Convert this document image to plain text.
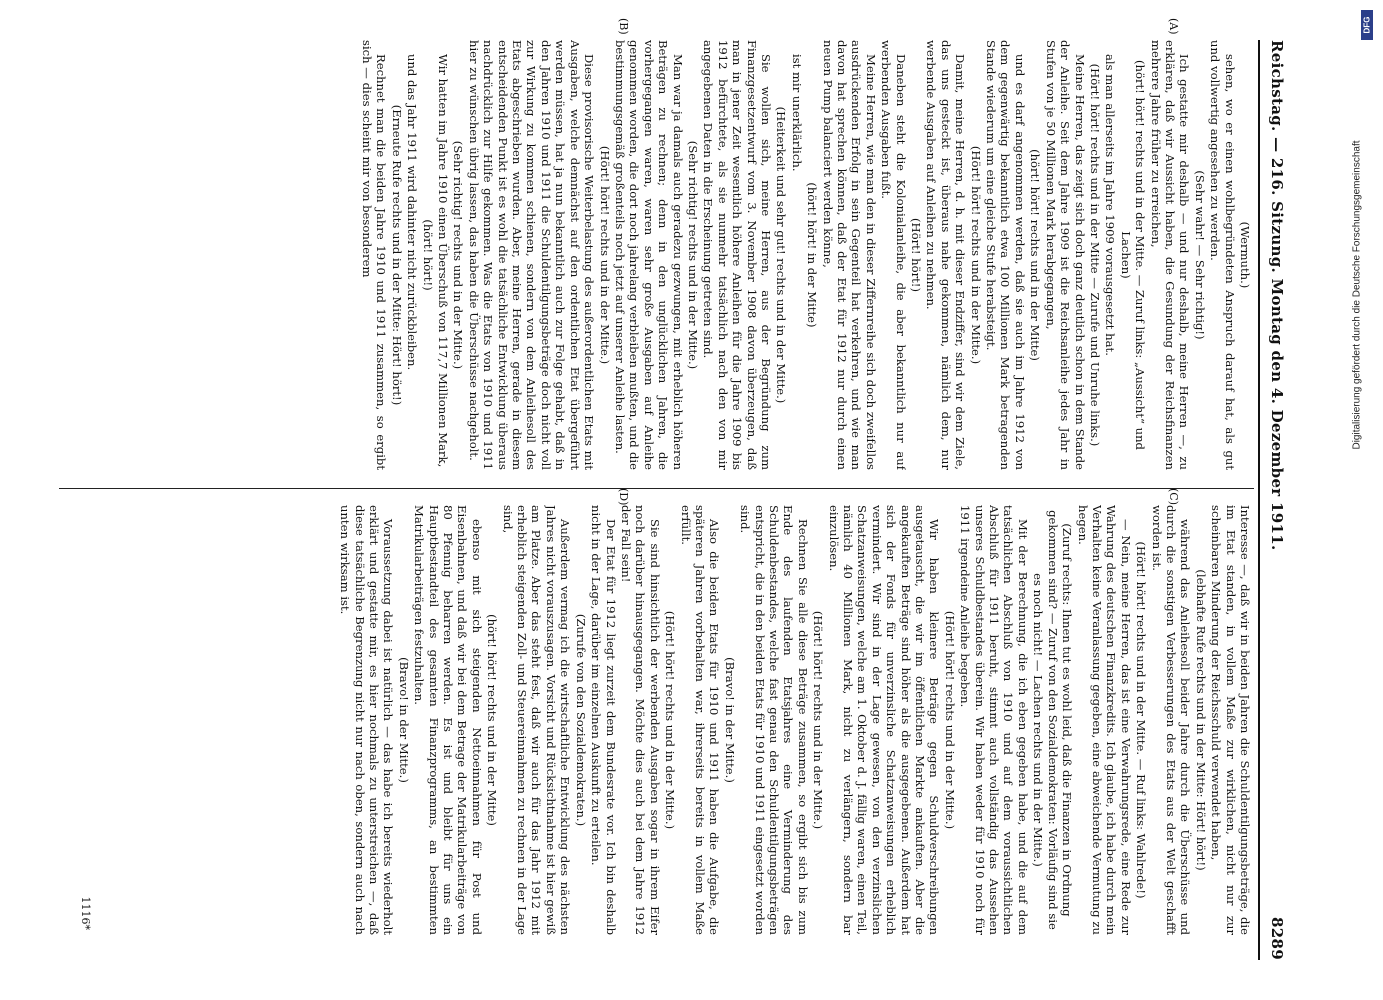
Digitalisierung gefördert durch die Deutsche Forschungsgemeinschaft
DFG
Reichstag. — 216. Sitzung. Montag den 4. Dezember 1911.
8289

(Wermuth.)

sehen, wo er einen wohlbegründeten Anspruch darauf hat, als gut und vollwertig angesehen zu werden.

(Sehr wahr! — Sehr richtig!)

Ich gestatte mir deshalb — und nur deshalb, meine Herren —, zu erklären, daß wir Aussicht haben, die Gesundung der Reichsfinanzen mehrere Jahre früher zu erreichen,

(hört! hört! rechts und in der Mitte. — Zuruf links: „Aussicht“ und Lachen)

als man allerseits im Jahre 1909 vorausgesetzt hat.

(Hört! hört! rechts und in der Mitte — Zurufe und Unruhe links.)

Meine Herren, das zeigt sich doch ganz deutlich schon in dem Stande der Anleihe. Seit dem Jahre 1909 ist die Reichsanleihe jedes Jahr in Stufen von je 50 Millionen Mark herabgegangen,

(hört! hört! rechts und in der Mitte)

und es darf angenommen werden, daß sie auch im Jahre 1912 von dem gegenwärtig bekanntlich etwa 100 Millionen Mark betragenden Stande wiederum um eine gleiche Stufe herabsteigt.

(Hört! hört! rechts und in der Mitte.)

Damit, meine Herren, d. h. mit dieser Endziffer, sind wir dem Ziele, das uns gesteckt ist, überaus nahe gekommen, nämlich dem, nur werbende Ausgaben auf Anleihen zu nehmen.

(Hört! hört!)

Daneben steht die Kolonialanleihe, die aber bekanntlich nur auf werbenden Ausgaben fußt.

Meine Herren, wie man den in dieser Ziffernreihe sich doch zweifellos ausdrückenden Erfolg in sein Gegenteil hat verkehren, und wie man davon hat sprechen können, daß der Etat für 1912 nur durch einen neuen Pump balanciert werden könne,

(hört! hört! in der Mitte)

ist mir unerklärlich.

(Heiterkeit und sehr gut! rechts und in der Mitte.)

Sie wollen sich, meine Herren, aus der Begründung zum Finanzgesetzentwurf vom 3. November 1908 davon überzeugen, daß man in jener Zeit wesentlich höhere Anleihen für die Jahre 1909 bis 1912 befürchtete, als sie nunmehr tatsächlich nach den von mir angegebenen Daten in die Erscheinung getreten sind.

(Sehr richtig! rechts und in der Mitte.)

Man war ja damals auch geradezu gezwungen, mit erheblich höheren Beträgen zu rechnen; denn in den unglücklichen Jahren, die vorhergegangen waren, waren sehr große Ausgaben auf Anleihe genommen worden, die dort noch jahrelang verbleiben mußten, und die bestimmungsgemäß großenteils noch jetzt auf unserer Anleihe lasten.

(Hört! hört! rechts und in der Mitte.)

Diese provisorische Weiterbelastung des außerordentlichen Etats mit Ausgaben, welche demnächst auf den ordentlichen Etat übergeführt werden müssen, hat ja nun bekanntlich auch zur Folge gehabt, daß in den Jahren 1910 und 1911 die Schuldentilgungsbeträge doch nicht voll zur Wirkung zu kommen schienen, sondern von dem Anleihesoll des Etats abgeschrieben wurden. Aber, meine Herren, gerade in diesem entscheidenden Punkt ist es wohl die tatsächliche Entwicklung überaus nachdrücklich zur Hilfe gekommen. Was die Etats von 1910 und 1911 hier zu wünschen übrig lassen, das haben die Überschüsse nachgeholt.

(Sehr richtig! rechts und in der Mitte.)

Wir hatten im Jahre 1910 einen Überschuß von 117,7 Millionen Mark,

(hört! hört!)

und das Jahr 1911 wird dahinter nicht zurückbleiben.

(Erneute Rufe rechts und in der Mitte: Hört! hört!)

Rechnet man die beiden Jahre 1910 und 1911 zusammen, so ergibt sich — dies scheint mir von besonderem

Interesse —, daß wir in beiden Jahren die Schuldentilgungsbeträge, die im Etat standen, in vollem Maße zur wirklichen, nicht nur zur scheinbaren Minderung der Reichsschuld verwendet haben,

(lebhafte Rufe rechts und in der Mitte: Hört! hört!)

während das Anleihesoll beider Jahre durch die Überschüsse und durch die sonstigen Verbesserungen des Etats aus der Welt geschafft worden ist.

(Hört! hört! rechts und in der Mitte. — Ruf links: Wahlrede!)

— Nein, meine Herren, das ist eine Verwahrungsrede, eine Rede zur Wahrung des deutschen Finanzkredits. Ich glaube, ich habe durch mein Verhalten keine Veranlassung gegeben, eine abweichende Vermutung zu hegen.

(Zuruf rechts: Ihnen tut es wohl leid, daß die Finanzen in Ordnung gekommen sind? — Zuruf von den Sozialdemokraten: Vorläufig sind sie es noch nicht! — Lachen rechts und in der Mitte.)

Mit der Berechnung, die ich eben gegeben habe, und die auf dem tatsächlichen Abschluß von 1910 und auf dem voraussichtlichen Abschluß für 1911 beruht, stimmt auch vollständig das Aussehen unseres Schuldbestandes überein. Wir haben weder für 1910 noch für 1911 irgendeine Anleihe begeben.

(Hört! hört! rechts und in der Mitte.)

Wir haben kleinere Beträge gegen Schuldverschreibungen ausgetauscht, die wir im öffentlichen Markte ankauften. Aber die angekauften Beträge sind höher als die ausgegebenen. Außerdem hat sich der Fonds für unverzinsliche Schatzanweisungen erheblich vermindert. Wir sind in der Lage gewesen, von den verzinslichen Schatzanweisungen, welche am 1. Oktober d. J. fällig waren, einen Teil, nämlich 40 Millionen Mark, nicht zu verlängern, sondern bar einzulösen.

(Hört! hört! rechts und in der Mitte.)

Rechnen Sie alle diese Beträge zusammen, so ergibt sich bis zum Ende des laufenden Etatsjahres eine Verminderung des Schuldenbestandes, welche fast genau den Schuldentilgungsbeträgen entspricht, die in den beiden Etats für 1910 und 1911 eingesetzt worden sind.

(Bravo! in der Mitte.)

Also die beiden Etats für 1910 und 1911 haben die Aufgabe, die späteren Jahren vorbehalten war, ihrerseits bereits in vollem Maße erfüllt.

(Hört! hört! rechts und in der Mitte.)

Sie sind hinsichtlich der werbenden Ausgaben sogar in ihrem Eifer noch darüber hinausgegangen. Möchte dies auch bei dem Jahre 1912 der Fall sein!

Der Etat für 1912 liegt zurzeit dem Bundesrate vor. Ich bin deshalb nicht in der Lage, darüber im einzelnen Auskunft zu erteilen.

(Zurufe von den Sozialdemokraten.)

Außerdem vermag ich die wirtschaftliche Entwicklung des nächsten Jahres nicht vorauszusagen. Vorsicht und Rücksichtnahme ist hier gewiß am Platze. Aber das steht fest, daß wir auch für das Jahr 1912 mit erheblich steigenden Zoll- und Steuereinnahmen zu rechnen in der Lage sind,

(hört! hört! rechts und in der Mitte)

ebenso mit sich steigenden Nettoeinnahmen für Post und Eisenbahnen, und daß wir bei dem Betrage der Matrikularbeiträge von 80 Pfennig beharren werden. Es ist und bleibt für uns ein Hauptbestandteil des gesamten Finanzprogramms, an bestimmten Matrikularbeiträgen festzuhalten.

(Bravo! in der Mitte.)

Voraussetzung dabei ist natürlich — das habe ich bereits wiederholt erklärt und gestatte mir, es hier nochmals zu unterstreichen —, daß diese tatsächliche Begrenzung nicht nur nach oben, sondern auch nach unten wirksam ist.

(A)
(B)
(C)
(D)
1116*
